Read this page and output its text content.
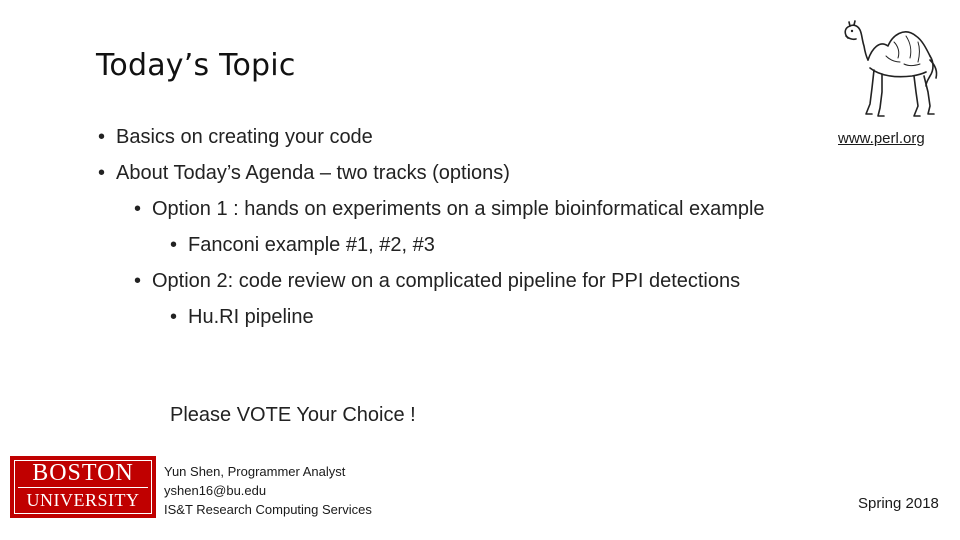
Today’s Topic
• Basics on creating your code
• About Today’s Agenda – two tracks (options)
• Option 1 : hands on experiments on a simple bioinformatical example
• Fanconi example #1, #2, #3
• Option 2: code review on a complicated pipeline for PPI detections
• Hu.RI pipeline
Please VOTE Your Choice !
www.perl.org
BOSTON
UNIVERSITY
Yun Shen, Programmer Analyst
yshen16@bu.edu
IS&T Research Computing Services	Spring 2018
